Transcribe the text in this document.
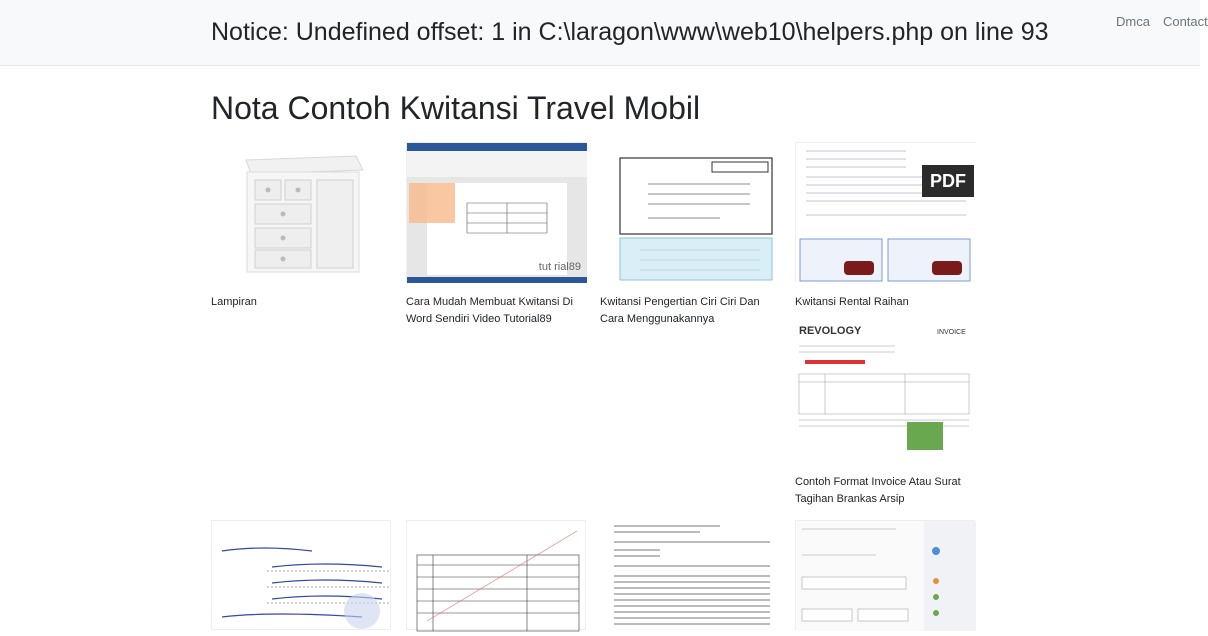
Notice: Undefined offset: 1 in C:\laragon\www\web10\helpers.php on line 93	Dmca Contact
Nota Contoh Kwitansi Travel Mobil
Lampiran
tut rial89
Cara Mudah Membuat Kwitansi Di Word Sendiri Video Tutorial89
Kwitansi Pengertian Ciri Ciri Dan Cara Menggunakannya
PDF
Kwitansi Rental Raihan
REVOLOGY	INVOICE
Contoh Format Invoice Atau Surat Tagihan Brankas Arsip
